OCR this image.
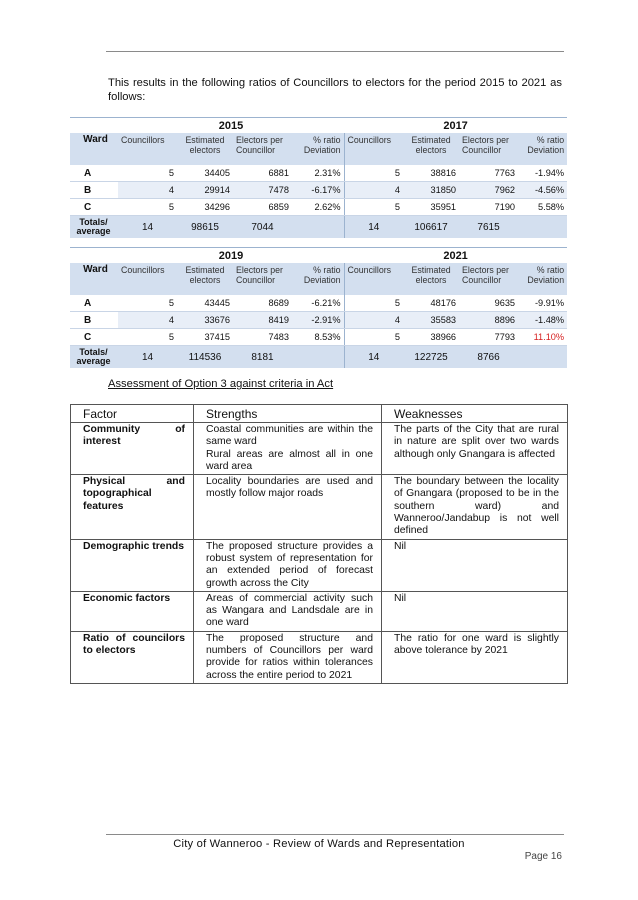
This results in the following ratios of Councillors to electors for the period 2015 to 2021 as follows:

	2015				2017			
Ward	Councillors	Estimated electors	Electors per Councillor	% ratio Deviation	Councillors	Estimated electors	Electors per Councillor	% ratio Deviation
A	5	34405	6881	2.31%	5	38816	7763	-1.94%
B	4	29914	7478	-6.17%	4	31850	7962	-4.56%
C	5	34296	6859	2.62%	5	35951	7190	5.58%
Totals/ average	14	98615	7044		14	106617	7615	
	2019				2021			
Ward	Councillors	Estimated electors	Electors per Councillor	% ratio Deviation	Councillors	Estimated electors	Electors per Councillor	% ratio Deviation
A	5	43445	8689	-6.21%	5	48176	9635	-9.91%
B	4	33676	8419	-2.91%	4	35583	8896	-1.48%
C	5	37415	7483	8.53%	5	38966	7793	11.10%
Totals/ average	14	114536	8181		14	122725	8766	
Assessment of Option 3 against criteria in Act
Factor	Strengths	Weaknesses
Community of interest	Coastal communities are within the same ward
Rural areas are almost all in one ward area	The parts of the City that are rural in nature are split over two wards although only Gnangara is affected
Physical and topographical features	Locality boundaries are used and mostly follow major roads	The boundary between the locality of Gnangara (proposed to be in the southern ward) and Wanneroo/Jandabup is not well defined
Demographic trends	The proposed structure provides a robust system of representation for an extended period of forecast growth across the City	Nil
Economic factors	Areas of commercial activity such as Wangara and Landsdale are in one ward	Nil
Ratio of councilors to electors	The proposed structure and numbers of Councillors per ward provide for ratios within tolerances across the entire period to 2021	The ratio for one ward is slightly above tolerance by 2021
City of Wanneroo - Review of Wards and Representation
Page 16
